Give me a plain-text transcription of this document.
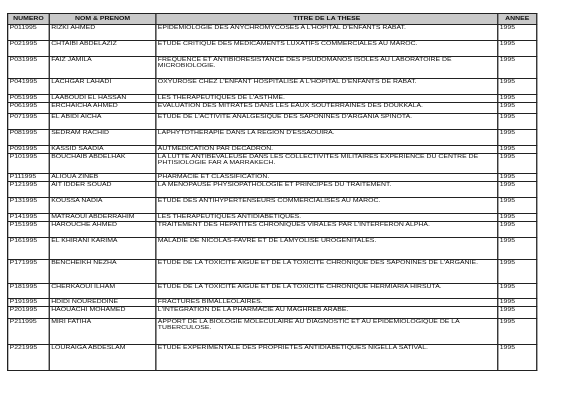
NUMERO	NOM & PRENOM	TITRE DE LA THESE	ANNEE
P011995	RIZKI AHMED	EPIDEMIOLOGIE DES ANYCHROMYCOSES A L'HOPITAL D'ENFANTS RABAT.	1995
P021995	CHTAIBI ABDELAZIZ	ETUDE CRITIQUE DES MEDICAMENTS LUXATIFS COMMERCIALES AU MAROC.	1995
P031995	FAIZ JAMILA	FREQUENCE ET ANTIBIORESISTANCE DES PSUDOMANOS ISOLES AU LABORATOIRE DE MICROBIOLOGIE.	1995
P041995	LACHGAR LAHADI	OXYUROSE CHEZ L'ENFANT HOSPITALISE A L'HOPITAL D'ENFANTS DE RABAT.	1995
P051995	LAABOUDI EL HASSAN	LES THERAPEUTIQUES DE L'ASTHME.	1995
P061995	ERCHAICHA AHMED	EVALUATION DES MITRATES DANS LES EAUX SOUTERRAINES DES DOUKKALA.	1995
P071995	EL ABIDI AICHA	ETUDE DE L'ACTIVITE ANALGESIQUE DES SAPONINES D'ARGANIA SPINOTA.	1995
P081995	SEDRAM RACHID	LAPHYTOTHERAPIE DANS LA REGION D'ESSAOUIRA.	1995
P091995	KASSID SAADIA	AUTMEDICATION PAR DECADRON.	1995
P101995	BOUCHAIB ABDELHAK	LA LUTTE ANTIBEVALEUSE DANS LES COLLECTIVITES MILITAIRES EXPERIENCE DU CENTRE DE PHTISIOLOGIE FAR A MARRAKECH.	1995
P111995	ALIOUA ZINEB	PHARMACIE ET CLASSIFICATION.	1995
P121995	AIT IDDER SOUAD	LA MENOPAUSE PHYSIOPATHOLOGIE ET PRINCIPES DU TRAITEMENT.	1995
P131995	KOUSSA NADIA	ETUDE DES ANTIHYPERTENSEURS COMMERCIALISES AU MAROC.	1995
P141995	MATRAOUI ABDERRAHIM	LES THERAPEUTIQUES ANTIDIABETIQUES.	1995
P151995	HAROUCHE AHMED	TRAITEMENT DES HEPATITES CHRONIQUES VIRALES PAR L'INTERFERON ALPHA.	1995
P161995	EL KHIRANI KARIMA	MALADIE DE NICOLAS-FAVRE ET DE LAMYOLISE UROGENITALES.	1995
P171995	BENCHEIKH NEZHA	ETUDE DE LA TOXICITE AIGUE ET DE LA TOXICITE CHRONIQUE DES SAPONINES DE L'ARGANIE.	1995
P181995	CHERKAOUI ILHAM	ETUDE DE LA TOXICITE AIGUE ET DE LA TOXICITE CHRONIQUE HERMIARIA HIRSUTA.	1995
P191995	HDIDI NOUREDDINE	FRACTURES BIMALLEOLAIRES.	1995
P201995	HAOUACHI MOHAMED	L'INTEGRATION DE LA PHARMACIE AU MAGHREB ARABE.	1995
P211995	MIRI FATIHA	APPORT DE LA BIOLOGIE MOLECULAIRE AU DIAGNOSTIC ET AU EPIDEMIOLOGIQUE DE LA TUBERCULOSE.	1995
P221995	LOURAIGA ABDESLAM	ETUDE EXPERIMENTALE DES PROPRIETES ANTIDIABETIQUES NIGELLA SATIVAL.	1995
